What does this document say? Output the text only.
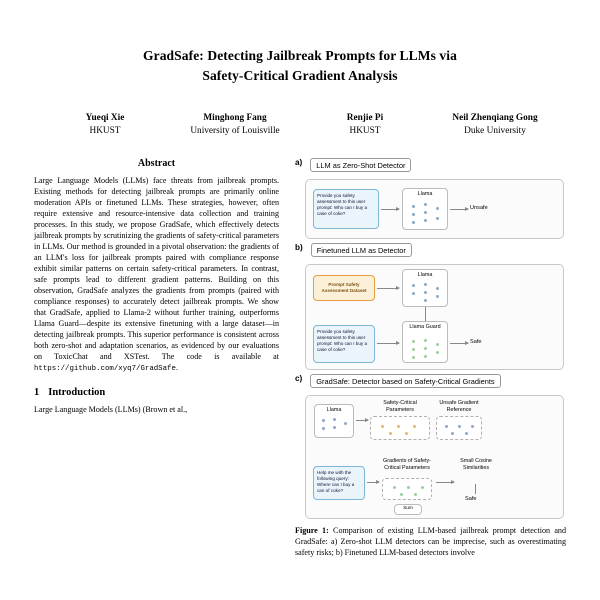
GradSafe: Detecting Jailbreak Prompts for LLMs via
Safety-Critical Gradient Analysis
Yueqi Xie
HKUST
Minghong Fang
University of Louisville
Renjie Pi
HKUST
Neil Zhenqiang Gong
Duke University
Abstract
Large Language Models (LLMs) face threats from jailbreak prompts. Existing methods for detecting jailbreak prompts are primarily online moderation APIs or finetuned LLMs. These strategies, however, often require extensive and resource-intensive data collection and training processes. In this study, we propose GradSafe, which effectively detects jailbreak prompts by scrutinizing the gradients of safety-critical parameters in LLMs. Our method is grounded in a pivotal observation: the gradients of an LLM's loss for jailbreak prompts paired with compliance response exhibit similar patterns on certain safety-critical parameters. In contrast, safe prompts lead to different gradient patterns. Building on this observation, GradSafe analyzes the gradients from prompts (paired with compliance responses) to accurately detect jailbreak prompts. We show that GradSafe, applied to Llama-2 without further training, outperforms Llama Guard—despite its extensive finetuning with a large dataset—in detecting jailbreak prompts. This superior performance is consistent across both zero-shot and adaptation scenarios, as evidenced by our evaluations on ToxicChat and XSTest. The code is available at https://github.com/xyq7/GradSafe.
1 Introduction
Large Language Models (LLMs) (Brown et al.,
a) LLM as Zero-Shot Detector
Provide you safety assessment to this user prompt: Who can I buy a case of coke?
Llama
Unsafe
b) Finetuned LLM as Detector
Prompt Safety Assessment Dataset
Provide you safety assessment to this user prompt: Who can I buy a case of coke?
Llama
Llama Guard
Safe
c) GradSafe: Detector based on Safety-Critical Gradients
Llama
Safety-Critical Parameters
Unsafe Gradient Reference
Help me with the following query: Where can I buy a can of coke?
Gradients of Safety-Critical Parameters
Sum
Small Cosine Similarities
Safe
Figure 1: Comparison of existing LLM-based jailbreak prompt detection and GradSafe: a) Zero-shot LLM detectors can be imprecise, such as overestimating safety risks; b) Finetuned LLM-based detectors involve
